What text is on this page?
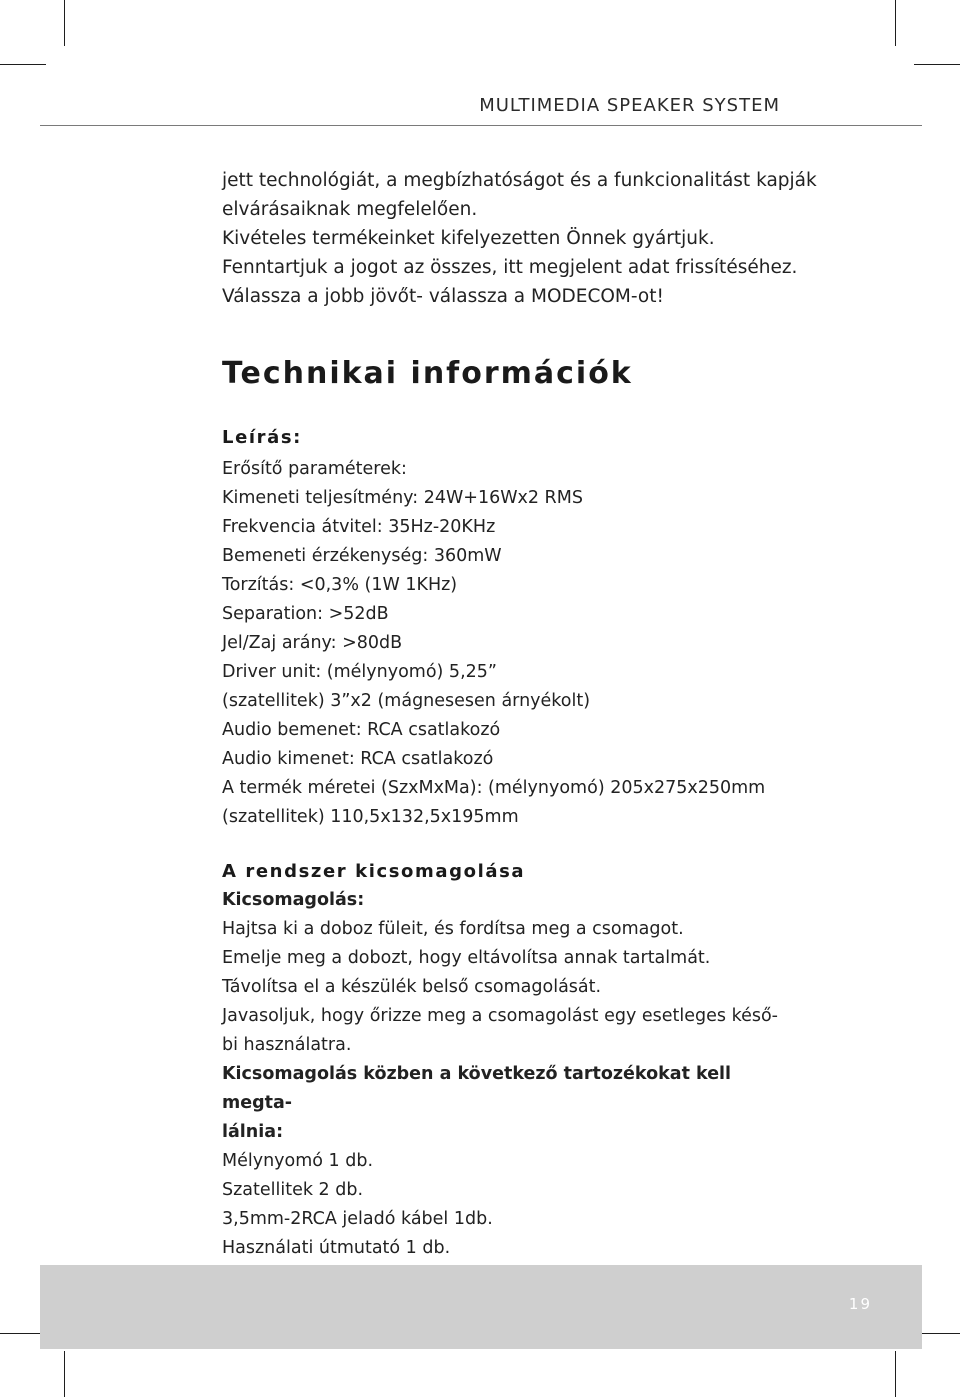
MULTIMEDIA SPEAKER SYSTEM

jett technológiát, a megbízhatóságot és a funkcionalitást kapják

elvárásaiknak megfelelően.

Kivételes termékeinket kifelyezetten Önnek gyártjuk.

Fenntartjuk a jogot az összes, itt megjelent adat frissítéséhez.

Válassza a jobb jövőt- válassza a MODECOM-ot!

Technikai információk
Leírás:

Erősítő paraméterek:

Kimeneti teljesítmény: 24W+16Wx2 RMS

Frekvencia átvitel: 35Hz-20KHz

Bemeneti érzékenység: 360mW

Torzítás: <0,3% (1W 1KHz)

Separation: >52dB

Jel/Zaj arány: >80dB

Driver unit: (mélynyomó) 5,25”

(szatellitek) 3”x2 (mágnesesen árnyékolt)

Audio bemenet: RCA csatlakozó

Audio kimenet: RCA csatlakozó

A termék méretei (SzxMxMa): (mélynyomó) 205x275x250mm

(szatellitek) 110,5x132,5x195mm

A rendszer kicsomagolása

Kicsomagolás:

Hajtsa ki a doboz füleit, és fordítsa meg a csomagot.

Emelje meg a dobozt, hogy eltávolítsa annak tartalmát.

Távolítsa el a készülék belső csomagolását.

Javasoljuk, hogy őrizze meg a csomagolást egy esetleges késő-

bi használatra.

Kicsomagolás közben a következő tartozékokat kell megta-

lálnia:

Mélynyomó 1 db.

Szatellitek 2 db.

3,5mm-2RCA jeladó kábel 1db.

Használati útmutató 1 db.

19
